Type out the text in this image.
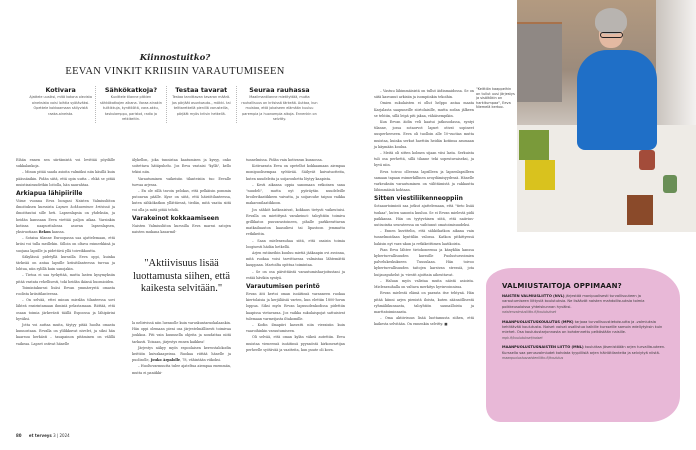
Kiinnostuitko?
EEVAN VINKIT KRIISIIN VARAUTUMISEEN
Kotivara
Ajattele uusiksi, mitä kotona olevista aineksista voisi loihtia syötäväksi. Opettele kokkaamaan säilyvistä raaka-aineista.
Sähkökatkoja?
Kuvittele tilanne pitkien sähkökatkojen aikana. Varaa ainakin tulitikkuja, kynttilöitä, vara-akku, taskulamppu, paristot, radio ja retkikeitin.
Testaa tavarat
Testaa tarvittavan tavaran määrä. Jos pärjäät asuntoauto-, mökki- tai telttaretkellä pienillä varusteilla, pärjäät myös kriisin hetkellä.
Seuraa rauhassa
Maailmantilanne mietityttää, mutta rauhallisuus on kriisissä tärkeää. Auttaa, kun muistaa, että jokaiseen elämään kuuluu parempia ja huonompia aikoja. Ennenkin on selvitty.

Eihän ennen sen siirtämistä voi levittää pöydälle sukkalankoja.

– Minun pitää saada asioita valmiiksi niin käsillä kuin päässänikin. Pidän siitä, että opin uutta – ehkä se pitää muistisairaudetkin loitolla, hän naurahtaa.

Arkiapua lähipiirille

Viime vuonna Eeva bongasi Naisten Valmiusliiton ilmoituksen kurssista Lapsen kokkaaminen kriisissä ja ilmoittautui sille heti. Lapsenlapsia on yhdeksän, ja heidän kanssaan Eeva viettää paljon aikaa. Varsinkin kotinsa naapuritalossa asuvan lapsenlapsen, yksivuotiaan Rekon kanssa.

– Sotaisa tilanne Euroopassa saa ajattelemaan, että kriisi voi tulla meillekin. Silloin on oltava esimerkkinä ja suojana lapsille ja pidettävä yllä toiveikkuutta.

Säkylässä pidetyllä kurssilla Eeva oppi, kuinka tärkeää on antaa lapsille kriisitilanteessa turvaa ja lohtua, niin sylillä kuin sanojakin.

– Tietoa ei saa tyrkyttää, mutta lasten kysymyksiin pitää vastata rehellisesti, toki heidän ikänsä huomioiden.

Toimintakurssi lisäsi Eevan ymmärrystä omasta roolista kriisitilanteessa.

– On selvää, ettei minun mieslän tilanteessa sovi lähteä ensirintamaan ihmisiä pelastamaan. Riittää, että osaan toimia järkevästi täällä Espoossa ja lähipiirini hyväksi.

Jotta voi auttaa muita, täytyy pitää huolta omasta kunnostaan. Eevalla on ylilikkuvat nivelet, ja siksi hän kaarsuu herkästi – tasapainon pitäminen on välillä vaikeaa. Lapset ostivat hänelle

älykellon, joka tunnistaa kaatumisen ja kysyy, onko soitettava hätäpuhelu. Jos Eeva vastaisi "kyllä", kello tekisi niin.

Varautuminen vaikeisiin tilanteisiin tuo Eevalle turvaa arjessa.

– En ole sillä tavoin pelokas, että pelkäisin pommin putoavan päälle. Kyse on siitä, että häiriötilanteessa, kuten sähkökatkon yllättäessä, tiedän, mitä vaatia siitä voi olla ja mitä pitää tehdä.

Varakeinot kokkaamiseen

Naisten Valmiusliiton kurssilla Eeva marssi satojen naisten mukana kasarmil-

"Aktiivisuus lisää luottamusta siihen, että kaikesta selvitään."

la nelirivissä niin luennolle kuin varuskuntaruokalaankin. Hän oppi olemaan pieni osa järjestelmällisesti toimivaa joukkoa. Piti vain kuunnella ohjeita ja noudattaa niitä tarkasti. Toisaan, järjestys ennen kaikkea!

Järjestys näkyy myös espoolaisen kerrostalokodin keittiön kuivakaapeissa. Ruokaa riittää hänelle ja puolisolle, Jouko Arpalolle, 78, vähintään viikoksi.

– Huoltovarmuutta tulee ajateltua aiempaa enemmän, mutta ei paniikki-

tunnelmissa. Pidän vain kotivaran kunnossa.

Kotivarasta Eeva on opetellut kokkaamaan aiempaa monipuolisempaa syötävää. Säilyvät kuivatuotteita, kuten nuudeleita ja soijarouhetta löytyy kaapista.

– Kesti aikansa oppia sanomaan erikoinen sana "nuudeli", mutta nyt pyöräytän nuudeleille broilerikastikkeen vaivatta, ja soijarouhe taipuu vaikka makaronilaatikkoon.

Jos sähköt katkeaisivat, kokkaus tietysti vaikeutuisi. Eevalla on mietittynä varakeinot: taloyhtiön toimiva grillikatos puuvarastoineen, pihalle parkkerattavan matkailuauton kaasuliesi tai lipastoon jemmattu retkikeitin.

– Saan mielenrauhaa siitä, että osaisin toimia loogisesti hädän hetkellä.

Arjen rutiineihin kuuluu mietiä jääkaapin ovi avoinna, mitä ruokaa voisi tarvittaessa valmistaa lähtemättä kauppaan. Martoilta opittua toimintaa.

– Se on osa päivittäistä varautumisharjoitustani ja estää hävikin syntyä.

Varautumisen perintö

Eevan äiti kertoi oman isoäitinsä varanneen ruokaa kiertolaisia ja kerjäläisiä varten, kun elettiin 1800-luvun loppua. Siksi myös Eevan lapsuudenkodissa pidettiin kaapissa vietavaraa. Jos vaikka sukulaispojat sattuisivat tulemaan varmeijasta iltakomille.

– Kodin ilmapiiri kasvatti niin vieraisiin kuin vaaroihinkin varautumiseen.

Oli selvää, että oman kylän väkeä autettiin. Eeva muistaa vieneensä isoäitinsä pyynnöstä kirkonvartijan perheelle syötävää ja vaatteita, kun puute oli kova.

– Vastuu lähimmäisistä on tullut äidinmaidossa. Se on siitä kasvanut arkisiin ja isompiinkin tekoihin.

Omien sukulaisten ei ollut helppo antaa maata Karjalasta saapuneille siirtolaisille, mutta sodan jälkeen se tehtiin, sillä leipä piti jakaa, vähäisempikin.

Kun Eevan äidin veli kaatui jatkosodassa, syntyi tilanne, jossa sotaorvot lapset otivat sopineet uusperheeseen. Eeva oli tuolloin alle 10-vuotias mutta muistaa, kuinka serkut haettiin heidän kotiinsa asumaan ja käymään koulua.

– Meitä oli sitten kolmen sijaan viisi lasta. Serkuista tuli osa perhettä, sillä tilanne teki sopeutuvaiseksi, ja hyvä niin.

Eeva toivoo olleensa lapsilleen ja lapsenlapsilleen samaan tapaan esimerkillinen avoydämisyydessä. Hänelle varkeuksiin varautuminen on välittämistä ja rakkautta lähimmäisiä kohtaan.

Sitten viestiliikenneoppiin

Sotaaurtoiminti saa jotkut ajattelemaan, että "tieto lisää tuskaa", kuten sanonta kuuluu. Se ei Eevan mielestä pidä paikkansa. Hän on tyytyväinen siitä, että naiivius-uutisointia seurateessa on vaihtunut omatoimisuudeksi.

– Ennen kuvittelin, että sähkökatkon aikana vain tunnelmoidaan kynttilän valossa. Katkon pitkittyessä hakisin nyt vara-akun ja retkikeittimen laatikoista.

Pian Eeva lähtee tietokoneensa ja känyklän kanssa kyberturvallisuuden kurssille Puolustusvoimien palvelukeskukseen Tuusulaan. Hän toivoo kyberturvallisuuden taitojen karsivan stressiä, jota huijauspuhelut ja -viestit ajoittain aiheuttavat.

– Haluan myös valistaa muita näistä asioista. Mielenrauhalla on valtava merkitys hyvinvoinnissa.

Eevan mielestä elämä on parasta itse tehtynä. Hän pitää kiinni arjen pienistä iloista, kuten säännöllisestä ryhmäliikunnasta, taloyhtiön saunailloista ja marttatoiminnasta.

– Oma aktiivisuus lisää luottamusta siihen, että kaikesta selvitään. On ennenkin selvitty. ■

"Keittiön kaappeihin on tullut uusi järjestys ja sisältökin on harkitumpaa", Eeva Niemelä kertoo.
VALMIUSTAITOJA OPPIMAAN?
NAISTEN VALMIUSLIITTO (NVL) järjestää monipuolisesti turvallisuuteen ja varautumiseen liittyviä koulutuksia. Ne lisäävät naisten mahdollisuuksia toimia poikkeusoloissa yhteiskunnan hyväksi.
naistenvalmiusliitto.fi/koulutukset
MAANPUOLUSTUSKOULUTUS (MPK) tarjoaa turvallisuustietoisuutta ja -valmiuksia kehittävää koulutusta. Naiset voivat osallistua kaikille kursseille samoin edellytyksin kuin miehet. Osa koulutustarjonnasta on kohdennettu pelkästään naisille.
mpk.fi/koulutukset/naiset
MAANPUOLUSTUSNAISTEN LIITTO (MNL) kouluttaa jäsenistöään arjen turvallisuuteen. Kurssella saa perusvalmiudet kohdata tyypillisiä arjen häiriötilanteita ja selviytyä niistä.
maanpuolustusnaistenliitto.fi/koulutus
80 et terveys 3 | 2024
